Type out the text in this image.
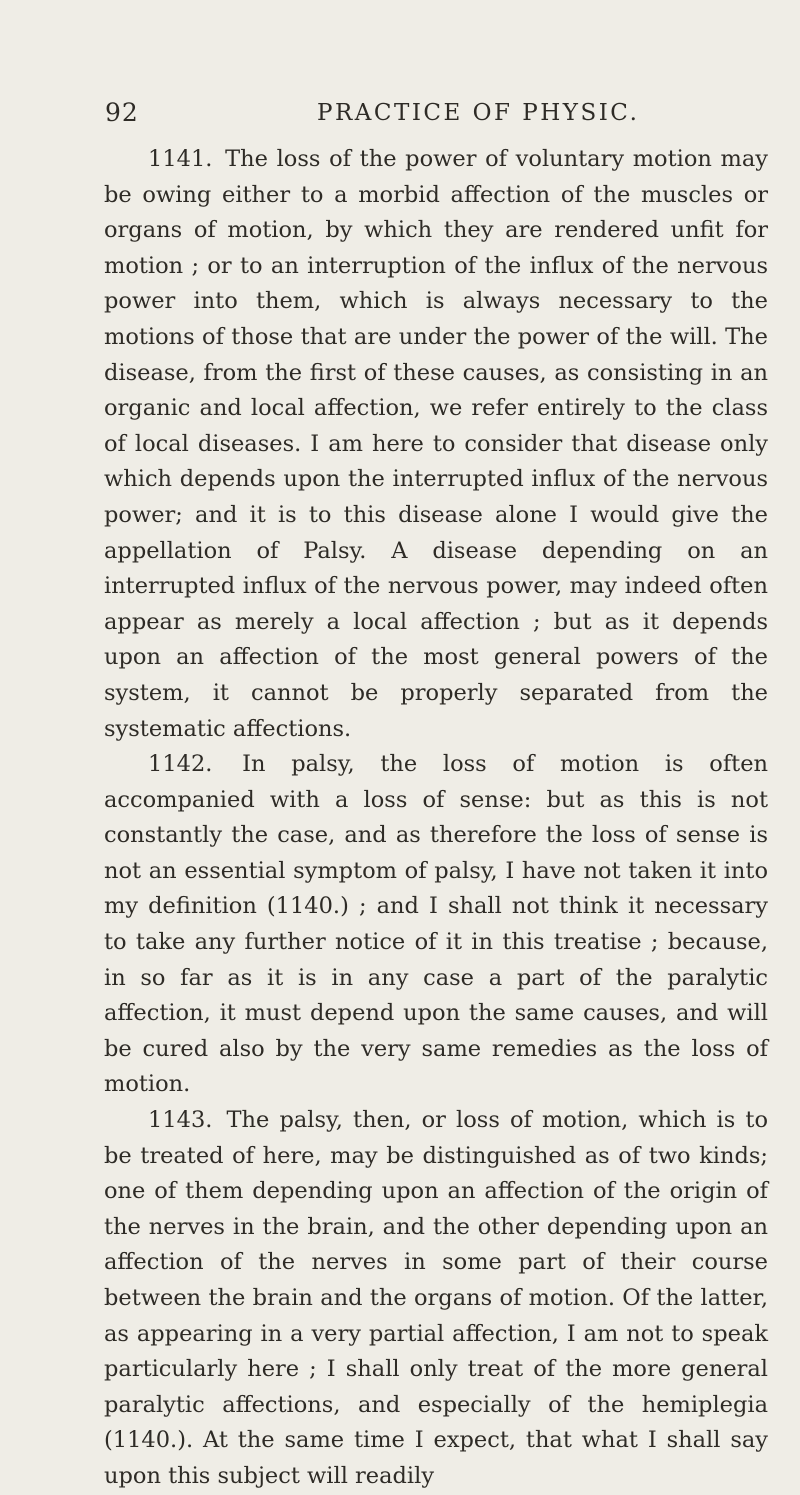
92	PRACTICE OF PHYSIC.

1141. The loss of the power of voluntary motion may be owing either to a morbid affection of the muscles or organs of motion, by which they are rendered unfit for motion ; or to an interruption of the influx of the nervous power into them, which is always necessary to the motions of those that are under the power of the will. The disease, from the first of these causes, as consisting in an organic and local affection, we refer entirely to the class of local diseases. I am here to consider that disease only which depends upon the interrupted influx of the nervous power; and it is to this disease alone I would give the appellation of Palsy. A disease depending on an interrupted influx of the nervous power, may indeed often appear as merely a local affection ; but as it depends upon an affection of the most general powers of the system, it cannot be properly separated from the systematic affections.

1142. In palsy, the loss of motion is often accompanied with a loss of sense: but as this is not constantly the case, and as therefore the loss of sense is not an essential symptom of palsy, I have not taken it into my definition (1140.) ; and I shall not think it necessary to take any further notice of it in this treatise ; because, in so far as it is in any case a part of the paralytic affection, it must depend upon the same causes, and will be cured also by the very same remedies as the loss of motion.

1143. The palsy, then, or loss of motion, which is to be treated of here, may be distinguished as of two kinds; one of them depending upon an affection of the origin of the nerves in the brain, and the other depending upon an affection of the nerves in some part of their course between the brain and the organs of motion. Of the latter, as appearing in a very partial affection, I am not to speak particularly here ; I shall only treat of the more general paralytic affections, and especially of the hemiplegia (1140.). At the same time I expect, that what I shall say upon this subject will readily
